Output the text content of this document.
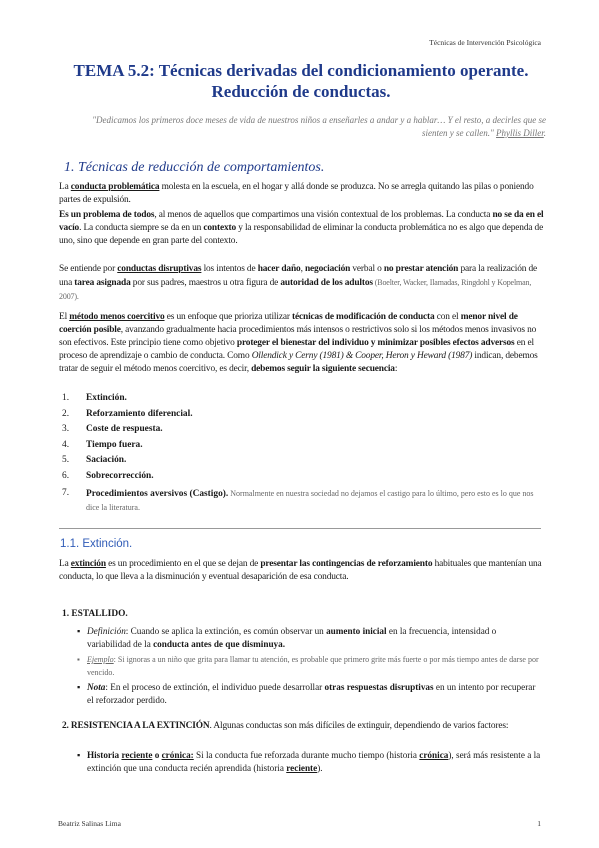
Técnicas de Intervención Psicológica
TEMA 5.2: Técnicas derivadas del condicionamiento operante.
Reducción de conductas.
"Dedicamos los primeros doce meses de vida de nuestros niños a enseñarles a andar y a hablar… Y el resto, a decirles que se sienten y se callen." Phyllis Diller.
1. Técnicas de reducción de comportamientos.

La conducta problemática molesta en la escuela, en el hogar y allá donde se produzca. No se arregla quitando las pilas o poniendo partes de expulsión.

Es un problema de todos, al menos de aquellos que compartimos una visión contextual de los problemas. La conducta no se da en el vacío. La conducta siempre se da en un contexto y la responsabilidad de eliminar la conducta problemática no es algo que dependa de uno, sino que depende en gran parte del contexto.

Se entiende por conductas disruptivas los intentos de hacer daño, negociación verbal o no prestar atención para la realización de una tarea asignada por sus padres, maestros u otra figura de autoridad de los adultos (Boelter, Wacker, Ilamadas, Ringdohl y Kopelman, 2007).

El método menos coercitivo es un enfoque que prioriza utilizar técnicas de modificación de conducta con el menor nivel de coerción posible, avanzando gradualmente hacia procedimientos más intensos o restrictivos solo si los métodos menos invasivos no son efectivos. Este principio tiene como objetivo proteger el bienestar del individuo y minimizar posibles efectos adversos en el proceso de aprendizaje o cambio de conducta. Como Ollendick y Cerny (1981) & Cooper, Heron y Heward (1987) indican, debemos tratar de seguir el método menos coercitivo, es decir, debemos seguir la siguiente secuencia:

1.	Extinción.
2.	Reforzamiento diferencial.
3.	Coste de respuesta.
4.	Tiempo fuera.
5.	Saciación.
6.	Sobrecorrección.
7.	Procedimientos aversivos (Castigo). Normalmente en nuestra sociedad no dejamos el castigo para lo último, pero esto es lo que nos dice la literatura.
1.1. Extinción.

La extinción es un procedimiento en el que se dejan de presentar las contingencias de reforzamiento habituales que mantenían una conducta, lo que lleva a la disminución y eventual desaparición de esa conducta.

1. ESTALLIDO.
▪ Definición: Cuando se aplica la extinción, es común observar un aumento inicial en la frecuencia, intensidad o variabilidad de la conducta antes de que disminuya.
▪ Ejemplo: Si ignoras a un niño que grita para llamar tu atención, es probable que primero grite más fuerte o por más tiempo antes de darse por vencido.
▪ Nota: En el proceso de extinción, el individuo puede desarrollar otras respuestas disruptivas en un intento por recuperar el reforzador perdido.
2. RESISTENCIA A LA EXTINCIÓN. Algunas conductas son más difíciles de extinguir, dependiendo de varios factores:
▪ Historia reciente o crónica: Si la conducta fue reforzada durante mucho tiempo (historia crónica), será más resistente a la extinción que una conducta recién aprendida (historia reciente).
Beatriz Salinas Lima	1
